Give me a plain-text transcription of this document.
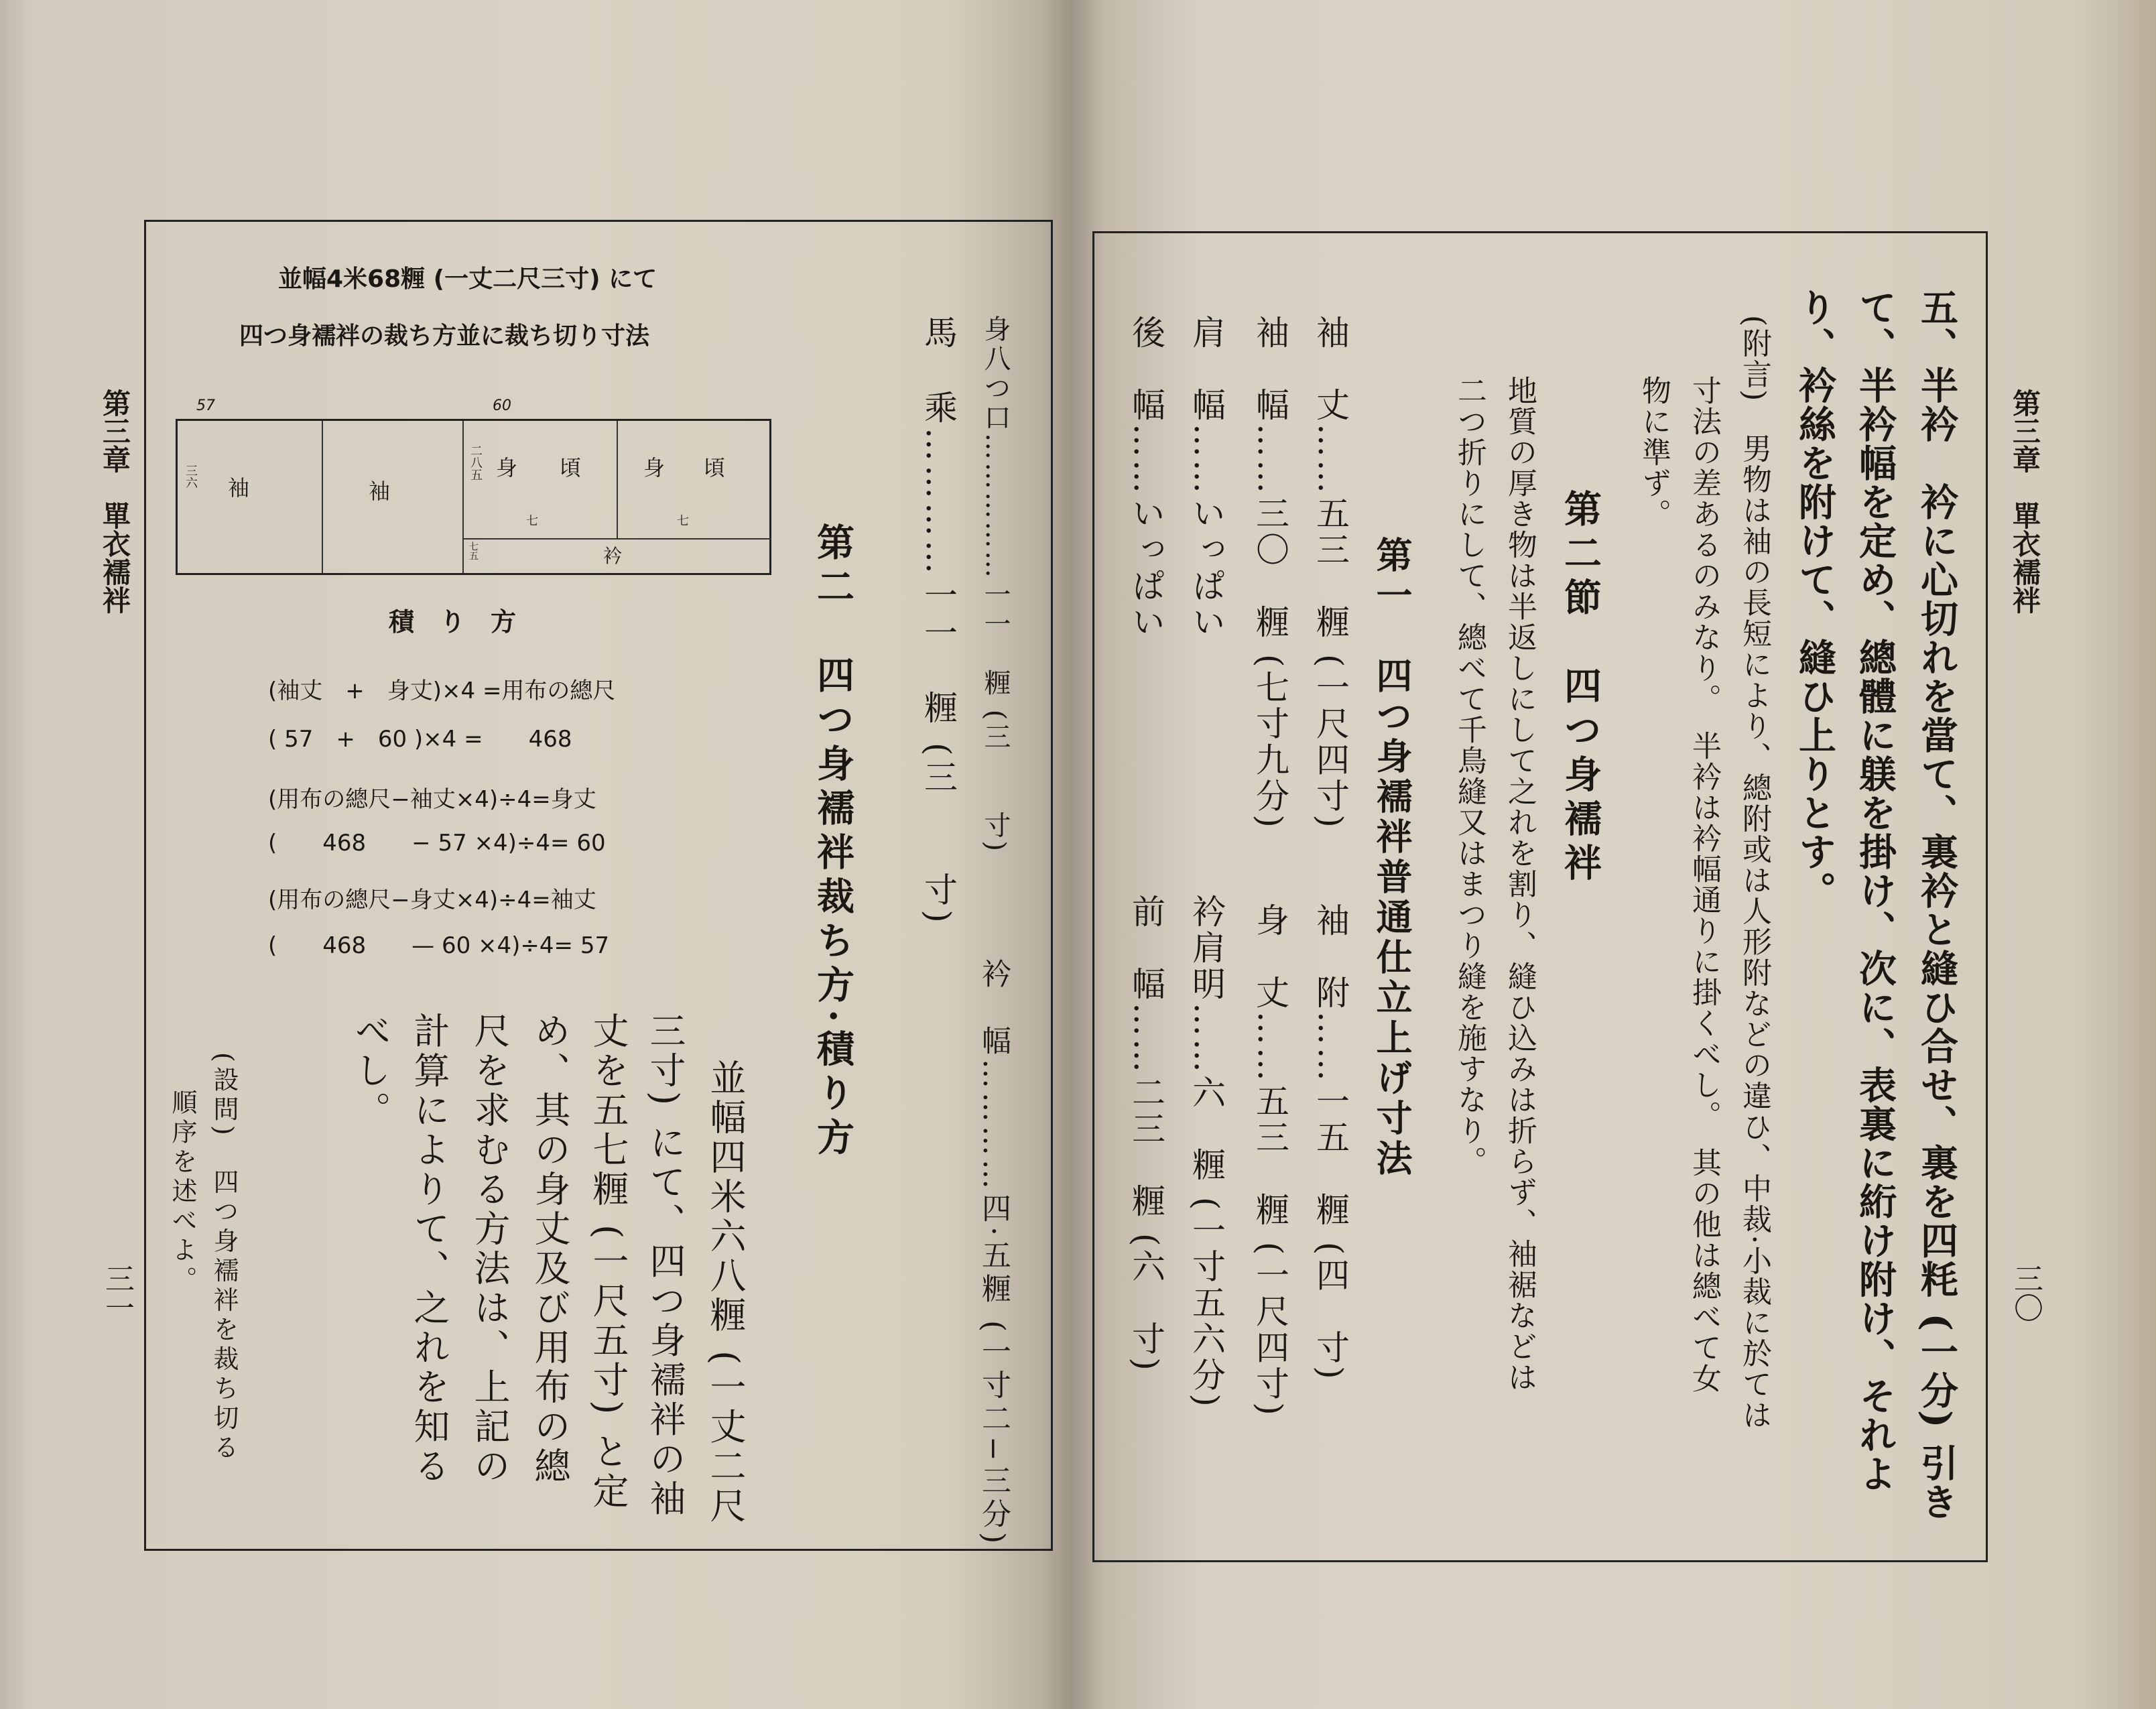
第三章　單衣襦袢
三一
並幅4米68糎 (一丈二尺三寸) にて
四つ身襦袢の裁ち方並に裁ち切り寸法
57	60
三六 袖	袖
二八五 身 頃
七
身 頃
七
七五	衿
積　り　方
(袖丈　+　身丈)×4 =用布の總尺
( 57　+　60 )×4 =　　468
(用布の總尺−袖丈×4)÷4=身丈
(　　468　　− 57 ×4)÷4= 60
(用布の總尺−身丈×4)÷4=袖丈
(　　468　　— 60 ×4)÷4= 57
(設問)　四つ身襦袢を裁ち切る
順序を述べよ。	並幅四米六八糎 (一丈二尺
三寸) にて、四つ身襦袢の袖
丈を五七糎 (一尺五寸) と定
め、其の身丈及び用布の總
尺を求むる方法は、上記の
計算によりて、之れを知る
べし。	第二　四つ身襦袢裁ち方·積り方
衿　幅…………四·五糎 (一寸二−三分)
身八つ口……………一一　糎 (三　　寸)
馬　乘…………一一　糎 (三　　寸)	第三章　單衣襦袢
三〇
五、半衿　衿に心切れを當て、裏衿と縫ひ合せ、裏を四粍 (一分) 引き
て、半衿幅を定め、總體に躾を掛け、次に、表裏に絎け附け、それよ
り、衿絲を附けて、縫ひ上りとす。
(附言)　男物は袖の長短により、總附或は人形附などの違ひ、中裁·小裁に於ては
寸法の差あるのみなり。　半衿は衿幅通りに掛くべし。　其の他は總べて女
物に準ず。
地質の厚き物は半返しにして之れを割り、縫ひ込みは折らず、袖裾などは
二つ折りにして、總べて千鳥縫又はまつり縫を施すなり。 第二節　四つ身襦袢
第一　四つ身襦袢普通仕立上げ寸法
袖　丈……五三　糎 (一尺四寸)　　袖　附……一五　糎 (四　寸)
袖　幅……三〇　糎 (七寸九分)　　身　丈……五三　糎 (一尺四寸)
肩　幅……いっぱい　　　　　　　衿肩明……六　糎 (一寸五六分)
後　幅……いっぱい　　　　　　　前　幅……二三　糎 (六　寸)
